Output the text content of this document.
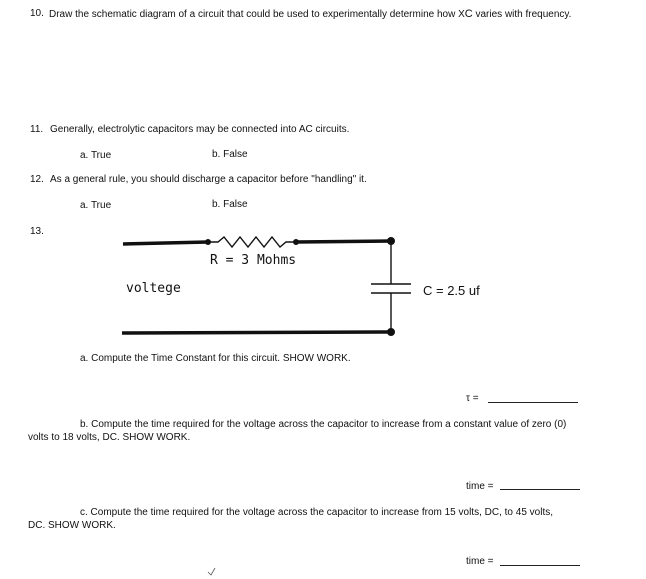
10. Draw the schematic diagram of a circuit that could be used to experimentally determine how XC varies with frequency.
11. Generally, electrolytic capacitors may be connected into AC circuits.
a. True	b. False
12. As a general rule, you should discharge a capacitor before "handling" it.
a. True	b. False
13.
R = 3 Mohms
voltege	C = 2.5 uf
a. Compute the Time Constant for this circuit. SHOW WORK.
τ =
b. Compute the time required for the voltage across the capacitor to increase from a constant value of zero (0)
volts to 18 volts, DC. SHOW WORK.
time =
c. Compute the time required for the voltage across the capacitor to increase from 15 volts, DC, to 45 volts,
DC. SHOW WORK.
time =
